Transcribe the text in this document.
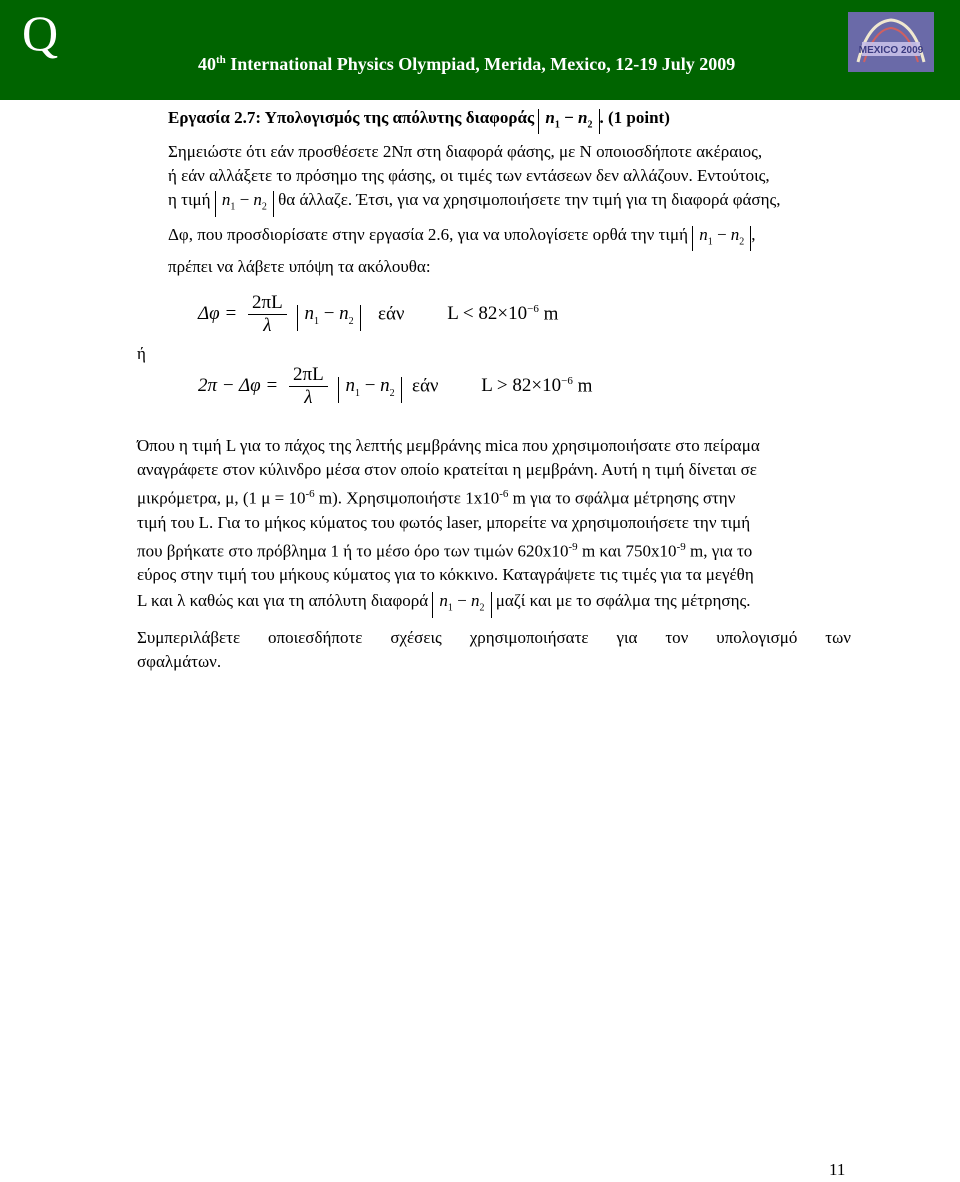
Q
40th International Physics Olympiad, Merida, Mexico, 12-19 July 2009
MEXICO 2009

Εργασία 2.7: Υπολογισμός της απόλυτης διαφοράς $n_1 - n_2$ . (1 point)

Σημειώστε ότι εάν προσθέσετε 2Nπ στη διαφορά φάσης, με N οποιοσδήποτε ακέραιος,
ή εάν αλλάξετε το πρόσημο της φάσης, οι τιμές των εντάσεων δεν αλλάζουν. Εντούτοις,
η τιμή $n_1 - n_2$ θα άλλαζε. Έτσι, για να χρησιμοποιήσετε την τιμή για τη διαφορά φάσης,
Δφ, που προσδιορίσατε στην εργασία 2.6, για να υπολογίσετε ορθά την τιμή $n_1 - n_2$ ,
πρέπει να λάβετε υπόψη τα ακόλουθα:
$\Delta\varphi = \frac{2\pi L}{\lambda} n_1 - n_2$	εάν $L < 82\times 10^{-6}$ m
ή
$2\pi - \Delta\varphi = \frac{2\pi L}{\lambda} n_1 - n_2$ εάν $L > 82\times 10^{-6}$ m
Όπου η τιμή L για το πάχος της λεπτής μεμβράνης mica που χρησιμοποιήσατε στο πείραμα
αναγράφετε στον κύλινδρο μέσα στον οποίο κρατείται η μεμβράνη. Αυτή η τιμή δίνεται σε
μικρόμετρα, μ, (1 $\mu = 10^{-6}$ m). Χρησιμοποιήστε $1x10^{-6}$ m για το σφάλμα μέτρησης στην
τιμή του L. Για το μήκος κύματος του φωτός laser, μπορείτε να χρησιμοποιήσετε την τιμή
που βρήκατε στο πρόβλημα 1 ή το μέσο όρο των τιμών $620x10^{-9}$ m και $750x10^{-9}$ m, για το
εύρος στην τιμή του μήκους κύματος για το κόκκινο. Καταγράψετε τις τιμές για τα μεγέθη
L και λ καθώς και για τη απόλυτη διαφορά $n_1 - n_2$ μαζί και με το σφάλμα της μέτρησης.
Συμπεριλάβετε οποιεσδήποτε σχέσεις χρησιμοποιήσατε για τον υπολογισμό των
σφαλμάτων.
11
